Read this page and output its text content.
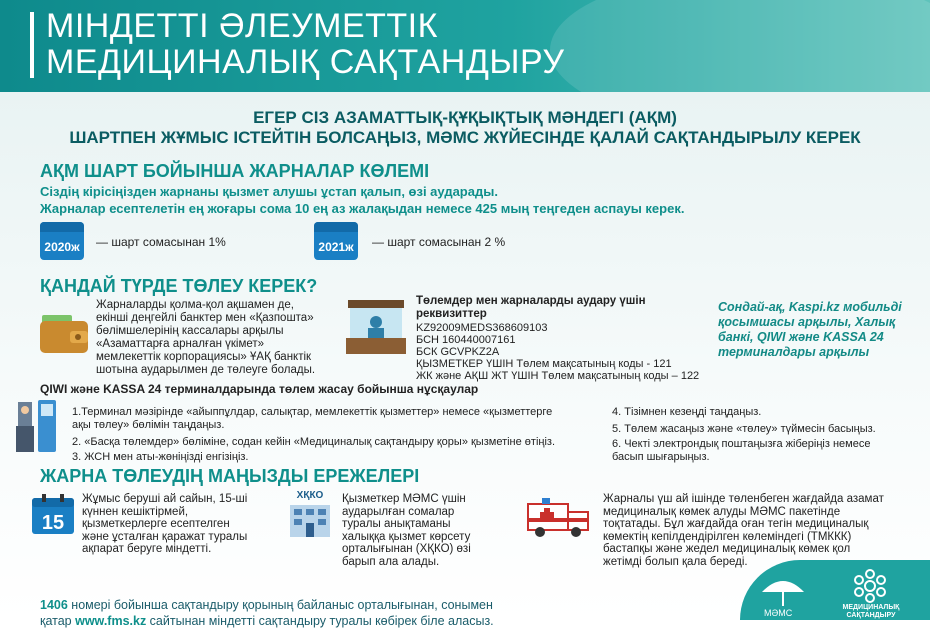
МІНДЕТТІ ӘЛЕУМЕТТІК
МЕДИЦИНАЛЫҚ САҚТАНДЫРУ
ЕГЕР СІЗ АЗАМАТТЫҚ-ҚҰҚЫҚТЫҚ МӘНДЕГІ (АҚМ)
ШАРТПЕН ЖҰМЫС ІСТЕЙТІН БОЛСАҢЫЗ, МӘМС ЖҮЙЕСІНДЕ ҚАЛАЙ САҚТАНДЫРЫЛУ КЕРЕК
АҚМ ШАРТ БОЙЫНША ЖАРНАЛАР КӨЛЕМІ
Сіздің кірісіңізден жарнаны қызмет алушы ұстап қалып, өзі аударады.
Жарналар есептелетін ең жоғары сома 10 ең аз жалақыдан немесе 425 мың теңгеден аспауы керек.
2020ж — шарт сомасынан 1%	2021ж — шарт сомасынан 2 %
ҚАНДАЙ ТҮРДЕ ТӨЛЕУ КЕРЕК?
Жарналарды қолма-қол ақшамен де,
екінші деңгейлі банктер мен «Қазпошта»
бөлімшелерінің кассалары арқылы
«Азаматтарға арналған үкімет»
мемлекеттік корпорациясы» ҰАҚ банктік
шотына аударылмен де төлеуге болады.
Төлемдер мен жарналарды аудару үшін
реквизиттер
KZ92009MEDS368609103
БСН 160440007161
БСК GCVPKZ2A
ҚЫЗМЕТКЕР ҮШІН Төлем мақсатының коды - 121
ЖК және АҚШ ЖТ ҮШІН Төлем мақсатының коды – 122
Сондай-ақ, Kaspi.kz мобильді
қосымшасы арқылы, Халық
банкі, QIWI және KASSA 24
терминалдары арқылы
QIWI және KASSA 24 терминалдарында төлем жасау бойынша нұсқаулар
1.Терминал мәзірінде «айыппұлдар, салықтар, мемлекеттік қызметтер» немесе «қызметтерге
ақы төлеу» бөлімін таңдаңыз.
2. «Басқа төлемдер» бөліміне, содан кейін «Медициналық сақтандыру қоры» қызметіне өтіңіз.
3. ЖСН мен аты-жөніңізді енгізіңіз.
4. Тізімнен кезеңді таңдаңыз.
5. Төлем жасаңыз және «төлеу» түймесін басыңыз.
6. Чекті электрондық поштаңызға жіберіңіз немесе
басып шығарыңыз.
ЖАРНА ТӨЛЕУДІҢ МАҢЫЗДЫ ЕРЕЖЕЛЕРІ
15
Жұмыс беруші ай сайын, 15-ші
күннен кешіктірмей,
қызметкерлерге есептелген
және ұсталған қаражат туралы
ақпарат беруге міндетті.
ХҚКО	Қызметкер МӘМС үшін
аударылған сомалар
туралы анықтаманы
халыққа қызмет көрсету
орталығынан (ХҚКО) өзі
барып ала алады.
Жарналы үш ай ішінде төленбеген жағдайда азамат
медициналық көмек алуды МӘМС пакетінде
тоқтатады. Бұл жағдайда оған тегін медициналық
көмектің кепілдендірілген көлеміндегі (ТМККК)
бастапқы және жедел медициналық көмек қол
жетімді болып қала береді.
1406 номері бойынша сақтандыру қорының байланыс орталығынан, сонымен
қатар www.fms.kz сайтынан міндетті сақтандыру туралы көбірек біле аласыз.
МӘМС
МЕДИЦИНАЛЫҚ
САҚТАНДЫРУ
